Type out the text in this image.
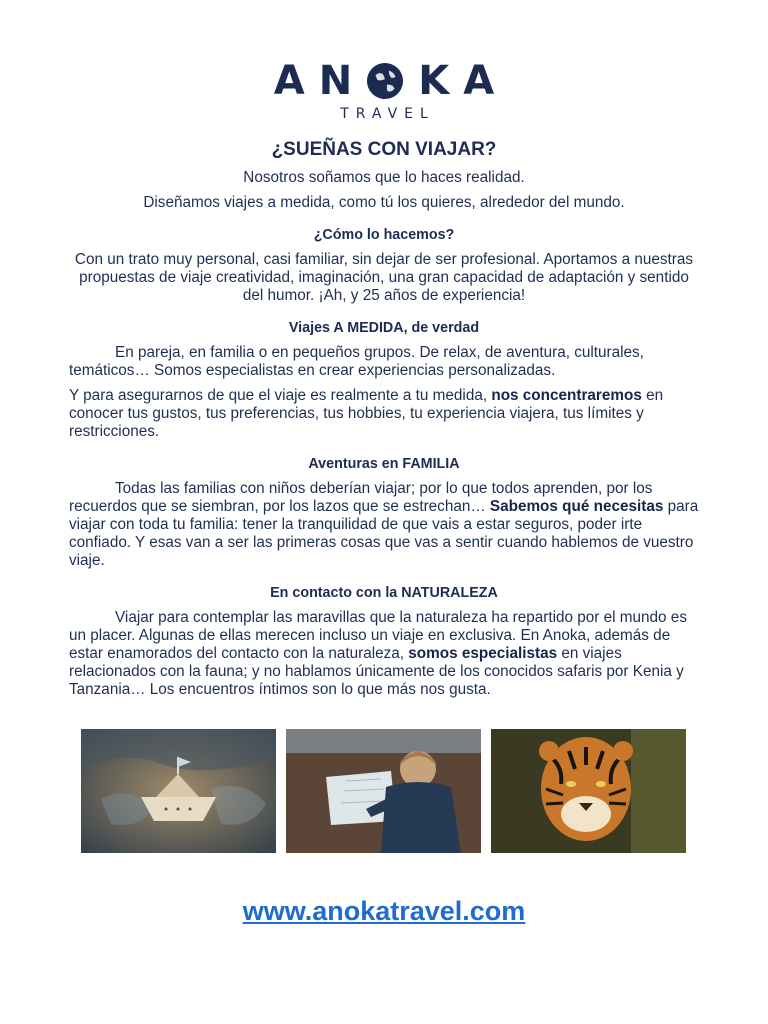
AN KA
TRAVEL
¿SUEÑAS CON VIAJAR?

Nosotros soñamos que lo haces realidad.

Diseñamos viajes a medida, como tú los quieres, alrededor del mundo.

¿Cómo lo hacemos?

Con un trato muy personal, casi familiar, sin dejar de ser profesional. Aportamos a nuestras propuestas de viaje creatividad, imaginación, una gran capacidad de adaptación y sentido del humor. ¡Ah, y 25 años de experiencia!

Viajes A MEDIDA, de verdad

En pareja, en familia o en pequeños grupos. De relax, de aventura, culturales, temáticos… Somos especialistas en crear experiencias personalizadas.

Y para asegurarnos de que el viaje es realmente a tu medida, nos concentraremos en conocer tus gustos, tus preferencias, tus hobbies, tu experiencia viajera, tus límites y restricciones.

Aventuras en FAMILIA

Todas las familias con niños deberían viajar; por lo que todos aprenden, por los recuerdos que se siembran, por los lazos que se estrechan… Sabemos qué necesitas para viajar con toda tu familia: tener la tranquilidad de que vais a estar seguros, poder irte confiado. Y esas van a ser las primeras cosas que vas a sentir cuando hablemos de vuestro viaje.

En contacto con la NATURALEZA

Viajar para contemplar las maravillas que la naturaleza ha repartido por el mundo es un placer. Algunas de ellas merecen incluso un viaje en exclusiva. En Anoka, además de estar enamorados del contacto con la naturaleza, somos especialistas en viajes relacionados con la fauna; y no hablamos únicamente de los conocidos safaris por Kenia y Tanzania… Los encuentros íntimos son lo que más nos gusta.

www.anokatravel.com
